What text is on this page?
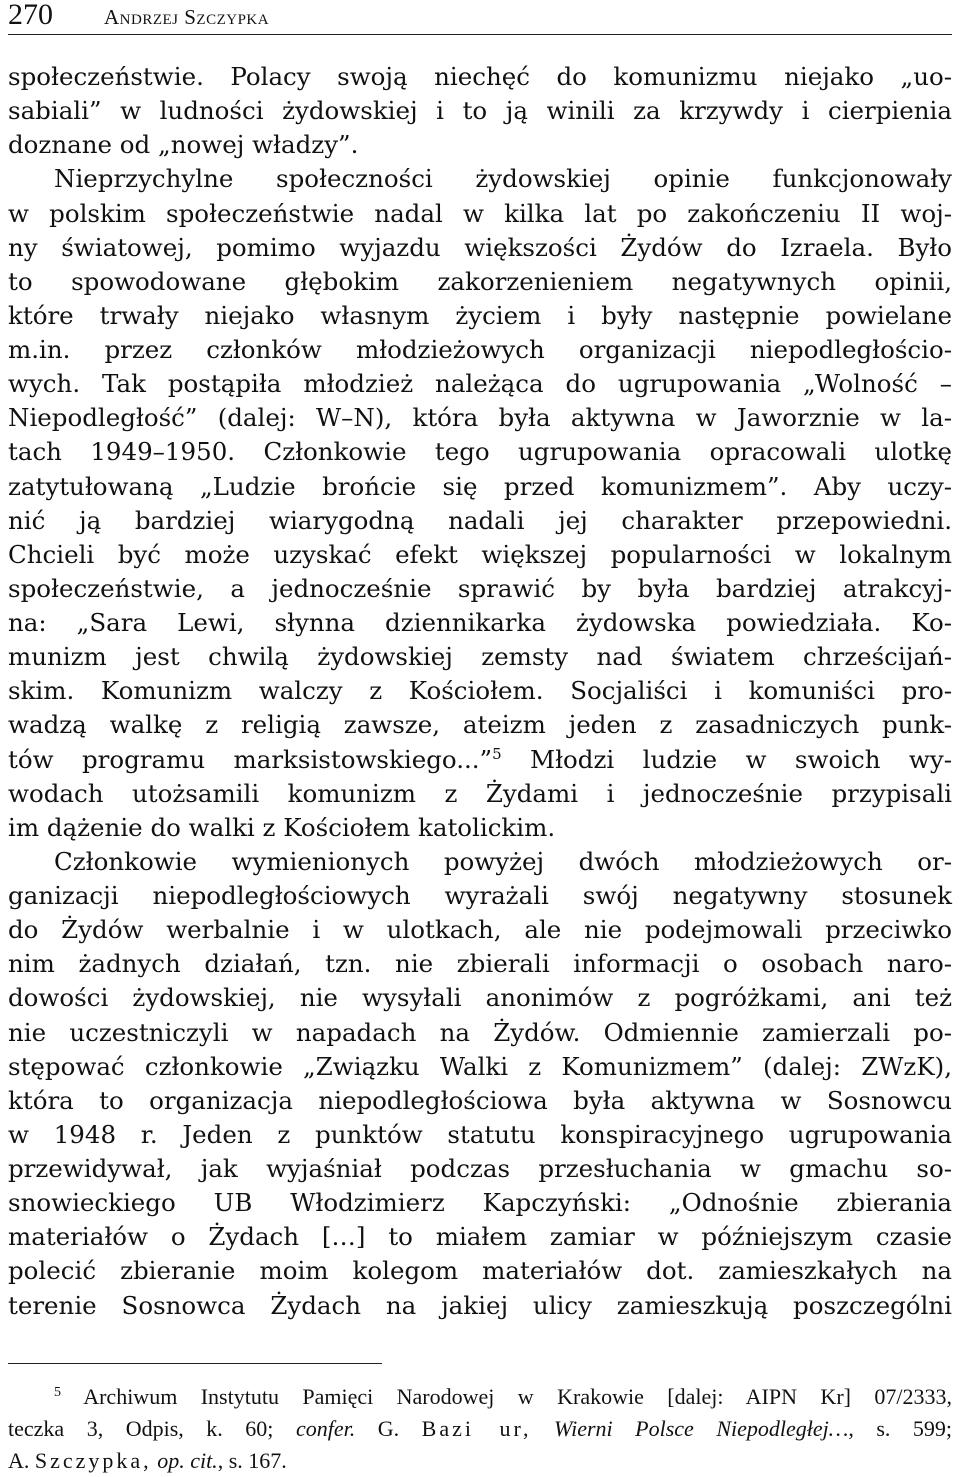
270 Andrzej Szczypka
społeczeństwie. Polacy swoją niechęć do komunizmu niejako „uo-
sabiali” w ludności żydowskiej i to ją winili za krzywdy i cierpienia
doznane od „nowej władzy”.
Nieprzychylne społeczności żydowskiej opinie funkcjonowały
w polskim społeczeństwie nadal w kilka lat po zakończeniu II woj-
ny światowej, pomimo wyjazdu większości Żydów do Izraela. Było
to spowodowane głębokim zakorzenieniem negatywnych opinii,
które trwały niejako własnym życiem i były następnie powielane
m.in. przez członków młodzieżowych organizacji niepodległościo-
wych. Tak postąpiła młodzież należąca do ugrupowania „Wolność –
Niepodległość” (dalej: W–N), która była aktywna w Jaworznie w la-
tach 1949–1950. Członkowie tego ugrupowania opracowali ulotkę
zatytułowaną „Ludzie brońcie się przed komunizmem”. Aby uczy-
nić ją bardziej wiarygodną nadali jej charakter przepowiedni.
Chcieli być może uzyskać efekt większej popularności w lokalnym
społeczeństwie, a jednocześnie sprawić by była bardziej atrakcyj-
na: „Sara Lewi, słynna dziennikarka żydowska powiedziała. Ko-
munizm jest chwilą żydowskiej zemsty nad światem chrześcijań-
skim. Komunizm walczy z Kościołem. Socjaliści i komuniści pro-
wadzą walkę z religią zawsze, ateizm jeden z zasadniczych punk-
tów programu marksistowskiego...”$^5$ Młodzi ludzie w swoich wy-
wodach utożsamili komunizm z Żydami i jednocześnie przypisali
im dążenie do walki z Kościołem katolickim.
Członkowie wymienionych powyżej dwóch młodzieżowych or-
ganizacji niepodległościowych wyrażali swój negatywny stosunek
do Żydów werbalnie i w ulotkach, ale nie podejmowali przeciwko
nim żadnych działań, tzn. nie zbierali informacji o osobach naro-
dowości żydowskiej, nie wysyłali anonimów z pogróżkami, ani też
nie uczestniczyli w napadach na Żydów. Odmiennie zamierzali po-
stępować członkowie „Związku Walki z Komunizmem” (dalej: ZWzK),
która to organizacja niepodległościowa była aktywna w Sosnowcu
w 1948 r. Jeden z punktów statutu konspiracyjnego ugrupowania
przewidywał, jak wyjaśniał podczas przesłuchania w gmachu so-
snowieckiego UB Włodzimierz Kapczyński: „Odnośnie zbierania
materiałów o Żydach […] to miałem zamiar w późniejszym czasie
polecić zbieranie moim kolegom materiałów dot. zamieszkałych na
terenie Sosnowca Żydach na jakiej ulicy zamieszkują poszczególni
$^5$ Archiwum Instytutu Pamięci Narodowej w Krakowie [dalej: AIPN Kr] 07/2333,
teczka 3, Odpis, k. 60; confer. G. Bazi ur, Wierni Polsce Niepodległej…, s. 599;
A. Szczypka, op. cit., s. 167.
